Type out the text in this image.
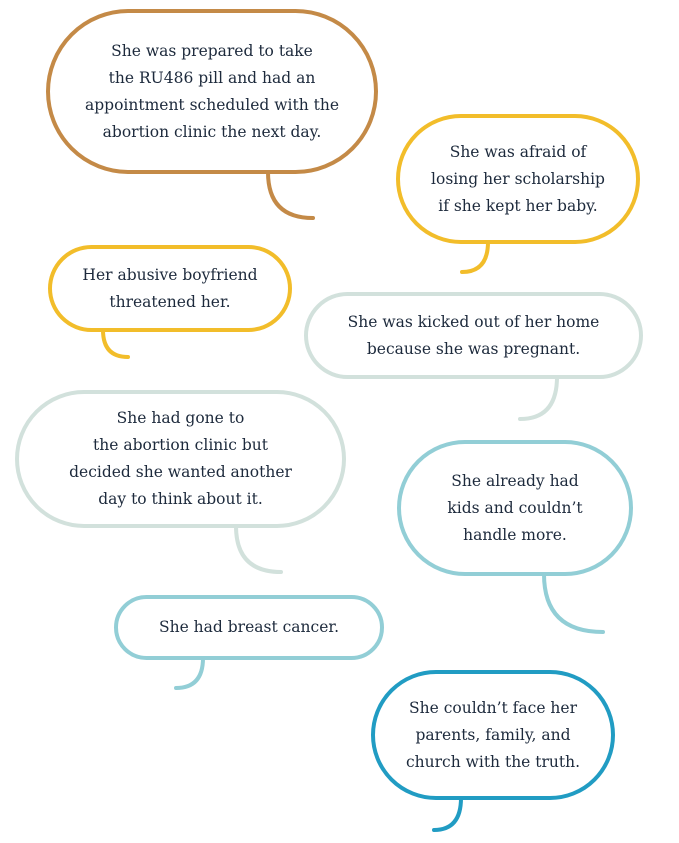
She was prepared to take
the RU486 pill and had an
appointment scheduled with the
abortion clinic the next day.
She was afraid of
losing her scholarship
if she kept her baby.
Her abusive boyfriend
threatened her.
She was kicked out of her home
because she was pregnant.
She had gone to
the abortion clinic but
decided she wanted another
day to think about it.
She already had
kids and couldn’t
handle more.
She had breast cancer.
She couldn’t face her
parents, family, and
church with the truth.
